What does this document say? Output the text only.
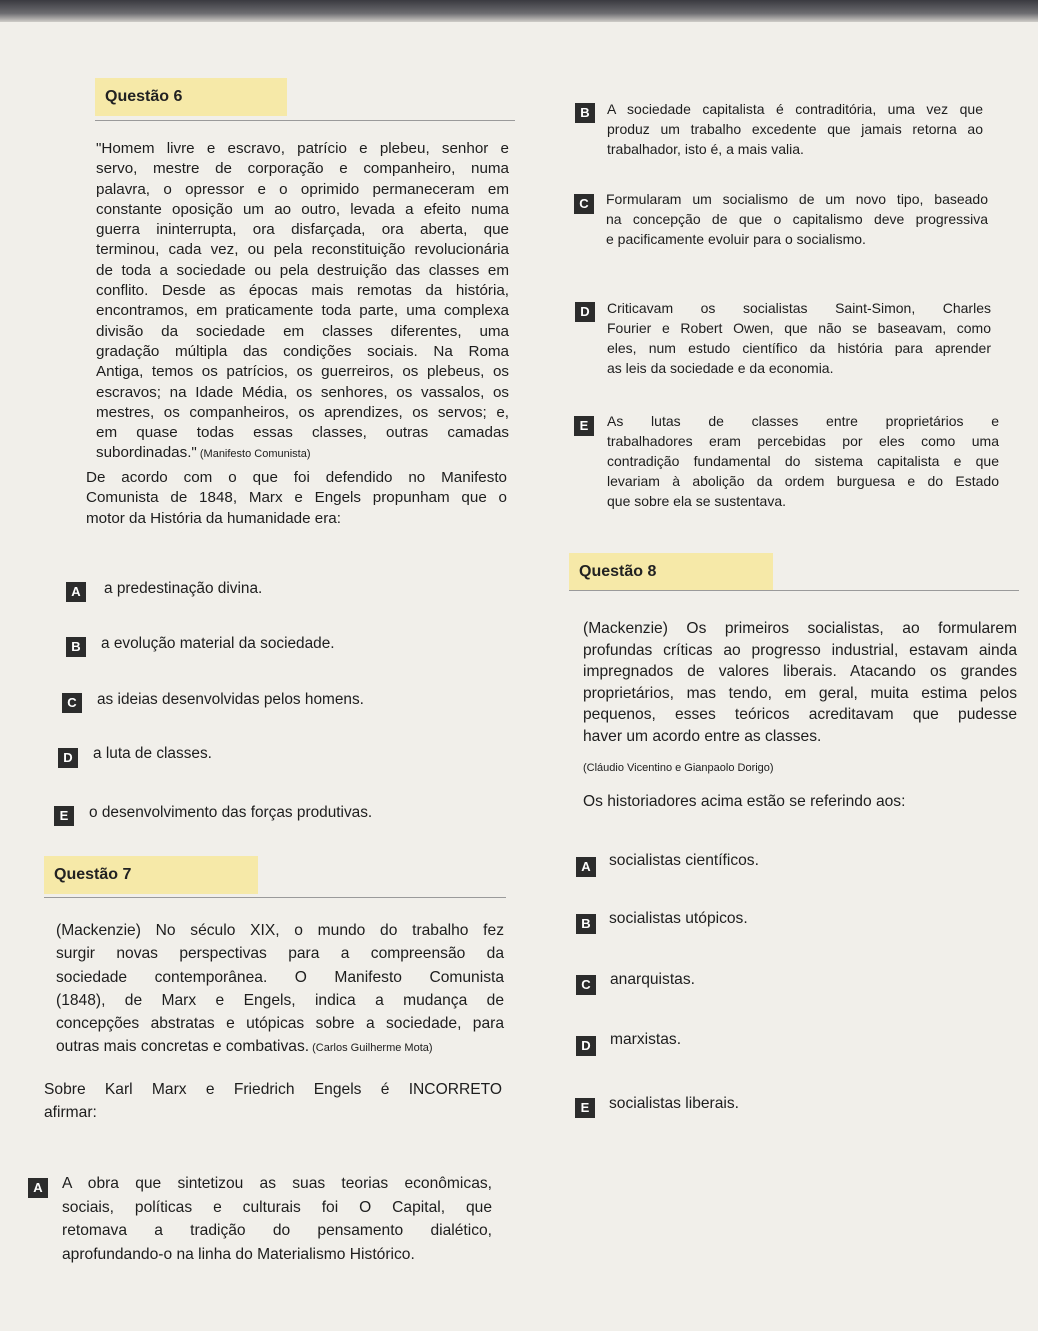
Questão 6
"Homem livre e escravo, patrício e plebeu, senhor e
servo, mestre de corporação e companheiro, numa
palavra, o opressor e o oprimido permaneceram em
constante oposição um ao outro, levada a efeito numa
guerra ininterrupta, ora disfarçada, ora aberta, que
terminou, cada vez, ou pela reconstituição revolucionária
de toda a sociedade ou pela destruição das classes em
conflito. Desde as épocas mais remotas da história,
encontramos, em praticamente toda parte, uma complexa
divisão da sociedade em classes diferentes, uma
gradação múltipla das condições sociais. Na Roma
Antiga, temos os patrícios, os guerreiros, os plebeus, os
escravos; na Idade Média, os senhores, os vassalos, os
mestres, os companheiros, os aprendizes, os servos; e,
em quase todas essas classes, outras camadas
subordinadas." (Manifesto Comunista)
De acordo com o que foi defendido no Manifesto
Comunista de 1848, Marx e Engels propunham que o
motor da História da humanidade era:
A	a predestinação divina.
B	a evolução material da sociedade.
C	as ideias desenvolvidas pelos homens.
D	a luta de classes.
E	o desenvolvimento das forças produtivas.
Questão 7
(Mackenzie) No século XIX, o mundo do trabalho fez
surgir novas perspectivas para a compreensão da
sociedade contemporânea. O Manifesto Comunista
(1848), de Marx e Engels, indica a mudança de
concepções abstratas e utópicas sobre a sociedade, para
outras mais concretas e combativas. (Carlos Guilherme Mota)
Sobre Karl Marx e Friedrich Engels é INCORRETO
afirmar:
A	A obra que sintetizou as suas teorias econômicas,
sociais, políticas e culturais foi O Capital, que
retomava a tradição do pensamento dialético,
aprofundando-o na linha do Materialismo Histórico.
B	A sociedade capitalista é contraditória, uma vez que
produz um trabalho excedente que jamais retorna ao
trabalhador, isto é, a mais valia.
C	Formularam um socialismo de um novo tipo, baseado
na concepção de que o capitalismo deve progressiva
e pacificamente evoluir para o socialismo.
D	Criticavam os socialistas Saint-Simon, Charles
Fourier e Robert Owen, que não se baseavam, como
eles, num estudo científico da história para aprender
as leis da sociedade e da economia.
E	As lutas de classes entre proprietários e
trabalhadores eram percebidas por eles como uma
contradição fundamental do sistema capitalista e que
levariam à abolição da ordem burguesa e do Estado
que sobre ela se sustentava.
Questão 8
(Mackenzie) Os primeiros socialistas, ao formularem
profundas críticas ao progresso industrial, estavam ainda
impregnados de valores liberais. Atacando os grandes
proprietários, mas tendo, em geral, muita estima pelos
pequenos, esses teóricos acreditavam que pudesse
haver um acordo entre as classes.
(Cláudio Vicentino e Gianpaolo Dorigo)
Os historiadores acima estão se referindo aos:
A	socialistas científicos.
B	socialistas utópicos.
C	anarquistas.
D	marxistas.
E	socialistas liberais.
